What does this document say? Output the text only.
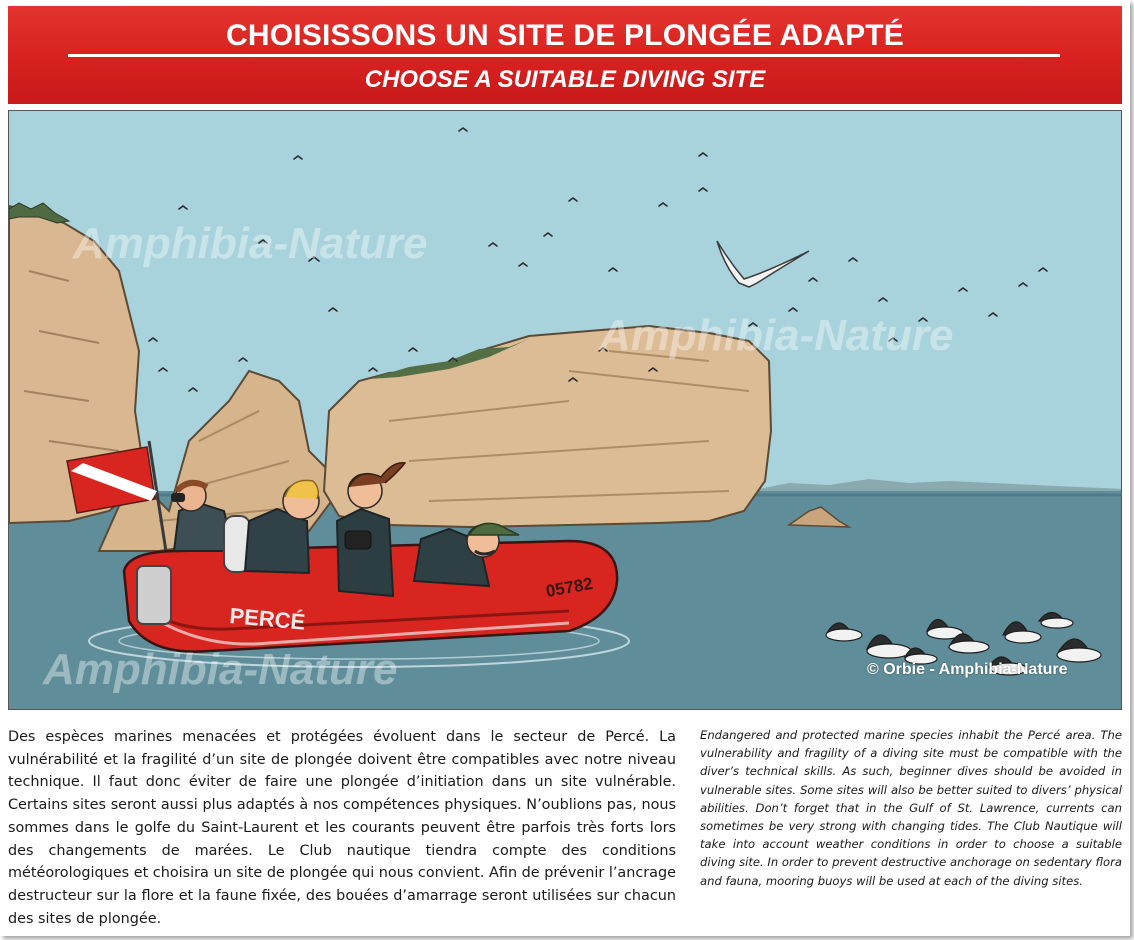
CHOISISSONS UN SITE DE PLONGÉE ADAPTÉ
CHOOSE A SUITABLE DIVING SITE
PERCÉ
05782
Amphibia-Nature
Amphibia-Nature
Amphibia-Nature	© Orbie - Amphibia-Nature
Des espèces marines menacées et protégées évoluent dans le secteur de Percé. La vulnérabilité et la fragilité d’un site de plongée doivent être compatibles avec notre niveau technique. Il faut donc éviter de faire une plongée d’initiation dans un site vulnérable. Certains sites seront aussi plus adaptés à nos compétences physiques. N’oublions pas, nous sommes dans le golfe du Saint-Laurent et les courants peuvent être parfois très forts lors des changements de marées. Le Club nautique tiendra compte des conditions météorologiques et choisira un site de plongée qui nous convient. Afin de prévenir l’ancrage destructeur sur la flore et la faune fixée, des bouées d’amarrage seront utilisées sur chacun des sites de plongée.
Endangered and protected marine species inhabit the Percé area. The vulnerability and fragility of a diving site must be compatible with the diver’s technical skills. As such, beginner dives should be avoided in vulnerable sites. Some sites will also be better suited to divers’ physical abilities. Don’t forget that in the Gulf of St. Lawrence, currents can sometimes be very strong with changing tides. The Club Nautique will take into account weather conditions in order to choose a suitable diving site. In order to prevent destructive anchorage on sedentary flora and fauna, mooring buoys will be used at each of the diving sites.
